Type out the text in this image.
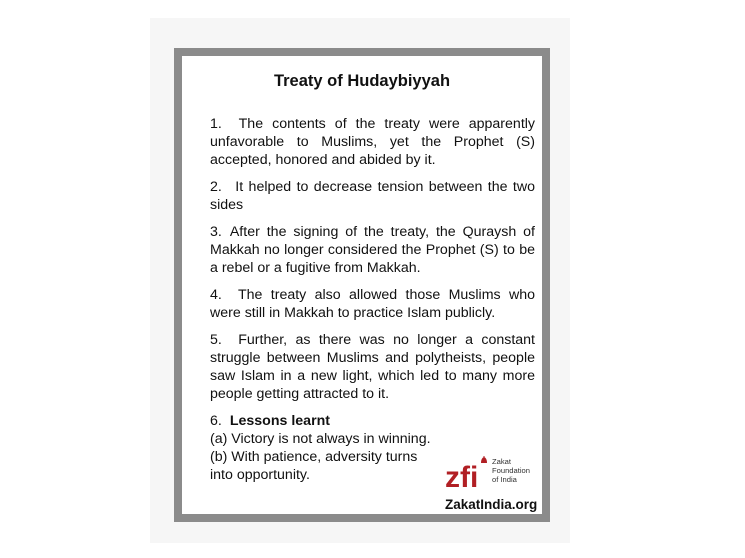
Treaty of Hudaybiyyah
1. The contents of the treaty were apparently unfavorable to Muslims, yet the Prophet (S) accepted, honored and abided by it.
2. It helped to decrease tension between the two sides
3. After the signing of the treaty, the Quraysh of Makkah no longer considered the Prophet (S) to be a rebel or a fugitive from Makkah.
4. The treaty also allowed those Muslims who were still in Makkah to practice Islam publicly.
5. Further, as there was no longer a constant struggle between Muslims and polytheists, people saw Islam in a new light, which led to many more people getting attracted to it.
6. Lessons learnt
(a) Victory is not always in winning.
(b) With patience, adversity turns
into opportunity.	zfi Zakat
Foundation
of India
ZakatIndia.org
